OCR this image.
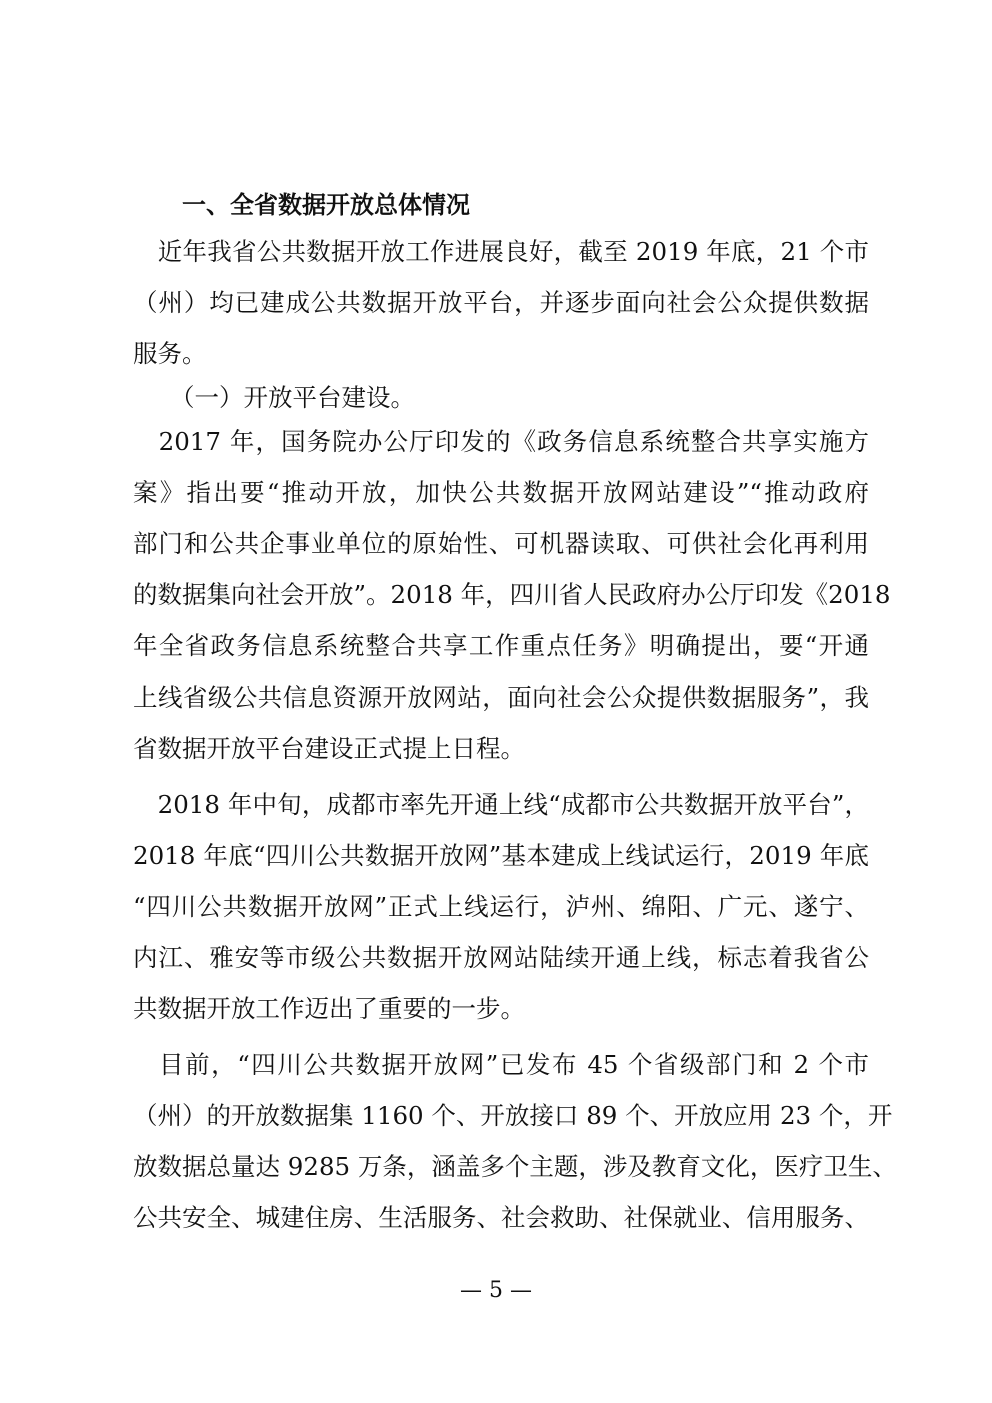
一、全省数据开放总体情况
　近年我省公共数据开放工作进展良好，截至 2019 年底，21 个市
（州）均已建成公共数据开放平台，并逐步面向社会公众提供数据
服务。
（一）开放平台建设。
　2017 年，国务院办公厅印发的《政务信息系统整合共享实施方
案》指出要“推动开放，加快公共数据开放网站建设”“推动政府
部门和公共企事业单位的原始性、可机器读取、可供社会化再利用
的数据集向社会开放”。2018 年，四川省人民政府办公厅印发《2018
年全省政务信息系统整合共享工作重点任务》明确提出，要“开通
上线省级公共信息资源开放网站，面向社会公众提供数据服务”，我
省数据开放平台建设正式提上日程。
　2018 年中旬，成都市率先开通上线“成都市公共数据开放平台”，
2018 年底“四川公共数据开放网”基本建成上线试运行，2019 年底
“四川公共数据开放网”正式上线运行，泸州、绵阳、广元、遂宁、
内江、雅安等市级公共数据开放网站陆续开通上线，标志着我省公
共数据开放工作迈出了重要的一步。
　目前，“四川公共数据开放网”已发布 45 个省级部门和 2 个市
（州）的开放数据集 1160 个、开放接口 89 个、开放应用 23 个，开
放数据总量达 9285 万条，涵盖多个主题，涉及教育文化，医疗卫生、
公共安全、城建住房、生活服务、社会救助、社保就业、信用服务、
— 5 —
